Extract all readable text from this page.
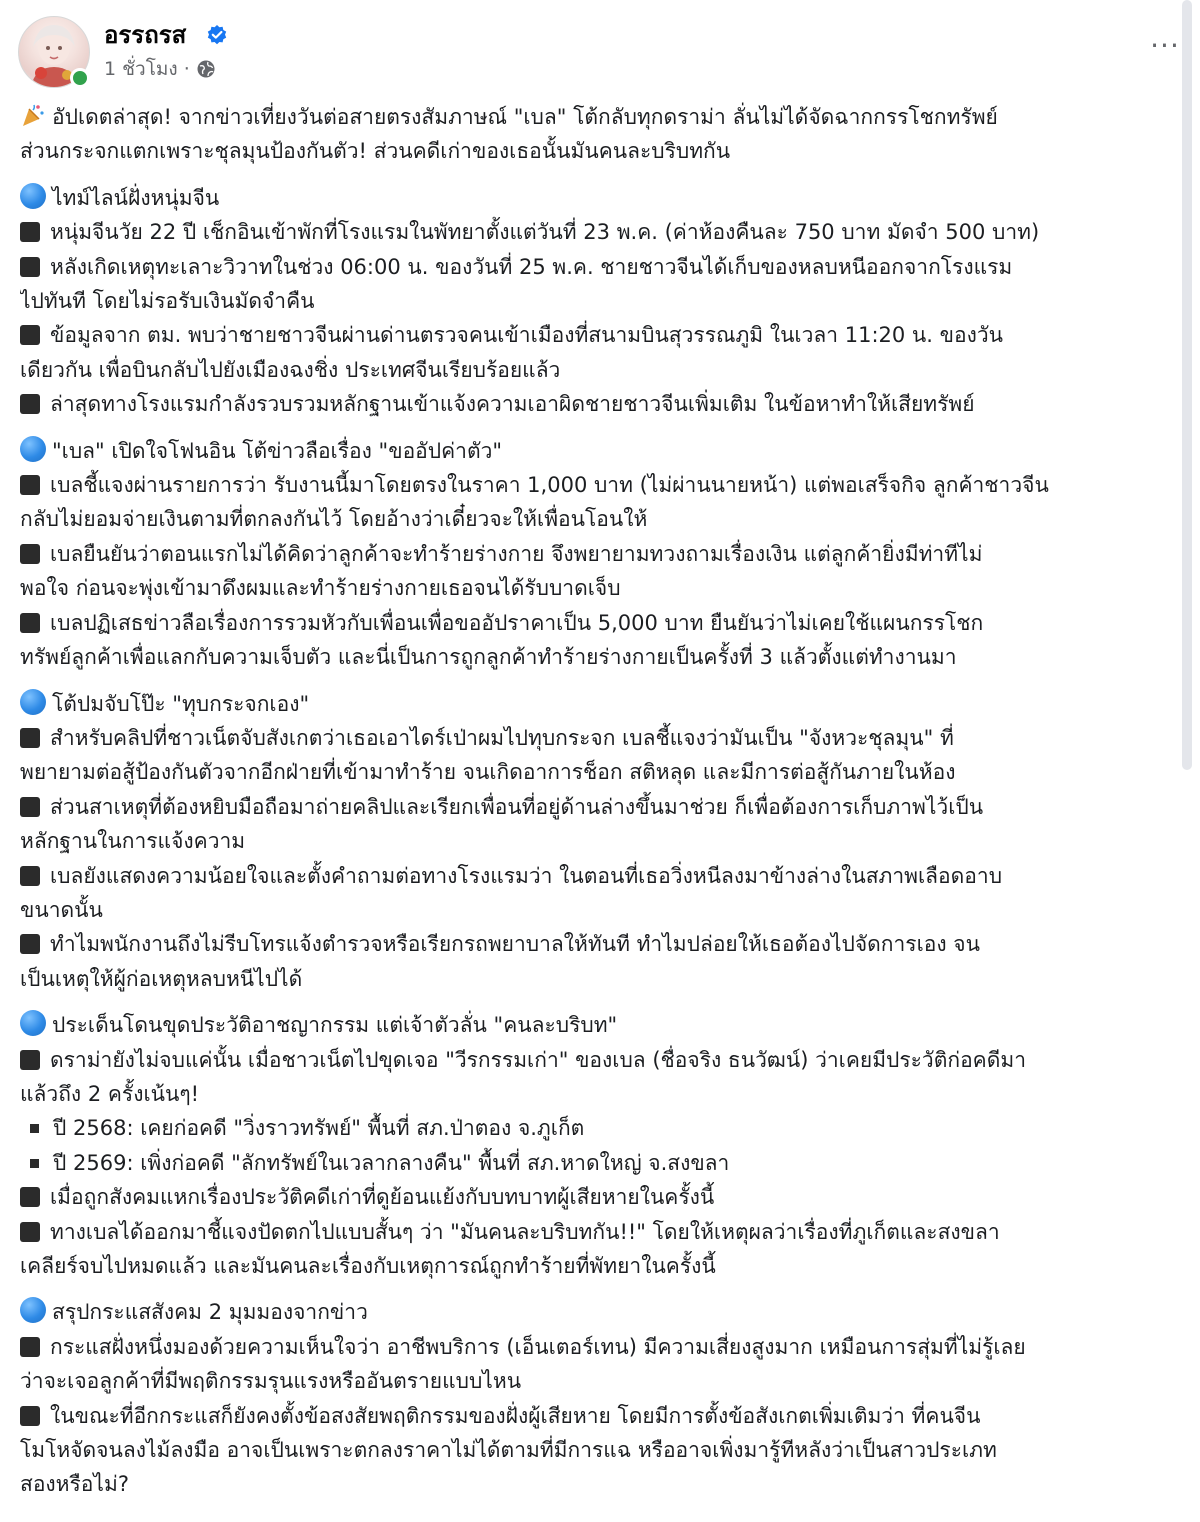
อรรถรส
1 ชั่วโมง ·
···
อัปเดตล่าสุด! จากข่าวเที่ยงวันต่อสายตรงสัมภาษณ์ "เบล" โต้กลับทุกดราม่า ลั่นไม่ได้จัดฉากกรรโชกทรัพย์
ส่วนกระจกแตกเพราะชุลมุนป้องกันตัว! ส่วนคดีเก่าของเธอนั้นมันคนละบริบทกัน
ไทม์ไลน์ฝั่งหนุ่มจีน
หนุ่มจีนวัย 22 ปี เช็กอินเข้าพักที่โรงแรมในพัทยาตั้งแต่วันที่ 23 พ.ค. (ค่าห้องคืนละ 750 บาท มัดจำ 500 บาท)
หลังเกิดเหตุทะเลาะวิวาทในช่วง 06:00 น. ของวันที่ 25 พ.ค. ชายชาวจีนได้เก็บของหลบหนีออกจากโรงแรม
ไปทันที โดยไม่รอรับเงินมัดจำคืน
ข้อมูลจาก ตม. พบว่าชายชาวจีนผ่านด่านตรวจคนเข้าเมืองที่สนามบินสุวรรณภูมิ ในเวลา 11:20 น. ของวัน
เดียวกัน เพื่อบินกลับไปยังเมืองฉงชิ่ง ประเทศจีนเรียบร้อยแล้ว
ล่าสุดทางโรงแรมกำลังรวบรวมหลักฐานเข้าแจ้งความเอาผิดชายชาวจีนเพิ่มเติม ในข้อหาทำให้เสียทรัพย์
"เบล" เปิดใจโฟนอิน โต้ข่าวลือเรื่อง "ขออัปค่าตัว"
เบลชี้แจงผ่านรายการว่า รับงานนี้มาโดยตรงในราคา 1,000 บาท (ไม่ผ่านนายหน้า) แต่พอเสร็จกิจ ลูกค้าชาวจีน
กลับไม่ยอมจ่ายเงินตามที่ตกลงกันไว้ โดยอ้างว่าเดี๋ยวจะให้เพื่อนโอนให้
เบลยืนยันว่าตอนแรกไม่ได้คิดว่าลูกค้าจะทำร้ายร่างกาย จึงพยายามทวงถามเรื่องเงิน แต่ลูกค้ายิ่งมีท่าทีไม่
พอใจ ก่อนจะพุ่งเข้ามาดึงผมและทำร้ายร่างกายเธอจนได้รับบาดเจ็บ
เบลปฏิเสธข่าวลือเรื่องการรวมหัวกับเพื่อนเพื่อขออัปราคาเป็น 5,000 บาท ยืนยันว่าไม่เคยใช้แผนกรรโชก
ทรัพย์ลูกค้าเพื่อแลกกับความเจ็บตัว และนี่เป็นการถูกลูกค้าทำร้ายร่างกายเป็นครั้งที่ 3 แล้วตั้งแต่ทำงานมา
โต้ปมจับโป๊ะ "ทุบกระจกเอง"
สำหรับคลิปที่ชาวเน็ตจับสังเกตว่าเธอเอาไดร์เป่าผมไปทุบกระจก เบลชี้แจงว่ามันเป็น "จังหวะชุลมุน" ที่
พยายามต่อสู้ป้องกันตัวจากอีกฝ่ายที่เข้ามาทำร้าย จนเกิดอาการช็อก สติหลุด และมีการต่อสู้กันภายในห้อง
ส่วนสาเหตุที่ต้องหยิบมือถือมาถ่ายคลิปและเรียกเพื่อนที่อยู่ด้านล่างขึ้นมาช่วย ก็เพื่อต้องการเก็บภาพไว้เป็น
หลักฐานในการแจ้งความ
เบลยังแสดงความน้อยใจและตั้งคำถามต่อทางโรงแรมว่า ในตอนที่เธอวิ่งหนีลงมาข้างล่างในสภาพเลือดอาบ
ขนาดนั้น
ทำไมพนักงานถึงไม่รีบโทรแจ้งตำรวจหรือเรียกรถพยาบาลให้ทันที ทำไมปล่อยให้เธอต้องไปจัดการเอง จน
เป็นเหตุให้ผู้ก่อเหตุหลบหนีไปได้
ประเด็นโดนขุดประวัติอาชญากรรม แต่เจ้าตัวลั่น "คนละบริบท"
ดราม่ายังไม่จบแค่นั้น เมื่อชาวเน็ตไปขุดเจอ "วีรกรรมเก่า" ของเบล (ชื่อจริง ธนวัฒน์) ว่าเคยมีประวัติก่อคดีมา
แล้วถึง 2 ครั้งเน้นๆ!
ปี 2568: เคยก่อคดี "วิ่งราวทรัพย์" พื้นที่ สภ.ป่าตอง จ.ภูเก็ต
ปี 2569: เพิ่งก่อคดี "ลักทรัพย์ในเวลากลางคืน" พื้นที่ สภ.หาดใหญ่ จ.สงขลา
เมื่อถูกสังคมแหกเรื่องประวัติคดีเก่าที่ดูย้อนแย้งกับบทบาทผู้เสียหายในครั้งนี้
ทางเบลได้ออกมาชี้แจงปัดตกไปแบบสั้นๆ ว่า "มันคนละบริบทกัน!!" โดยให้เหตุผลว่าเรื่องที่ภูเก็ตและสงขลา
เคลียร์จบไปหมดแล้ว และมันคนละเรื่องกับเหตุการณ์ถูกทำร้ายที่พัทยาในครั้งนี้
สรุปกระแสสังคม 2 มุมมองจากข่าว
กระแสฝั่งหนึ่งมองด้วยความเห็นใจว่า อาชีพบริการ (เอ็นเตอร์เทน) มีความเสี่ยงสูงมาก เหมือนการสุ่มที่ไม่รู้เลย
ว่าจะเจอลูกค้าที่มีพฤติกรรมรุนแรงหรืออันตรายแบบไหน
ในขณะที่อีกกระแสก็ยังคงตั้งข้อสงสัยพฤติกรรมของฝั่งผู้เสียหาย โดยมีการตั้งข้อสังเกตเพิ่มเติมว่า ที่คนจีน
โมโหจัดจนลงไม้ลงมือ อาจเป็นเพราะตกลงราคาไม่ได้ตามที่มีการแฉ หรืออาจเพิ่งมารู้ทีหลังว่าเป็นสาวประเภท
สองหรือไม่?
